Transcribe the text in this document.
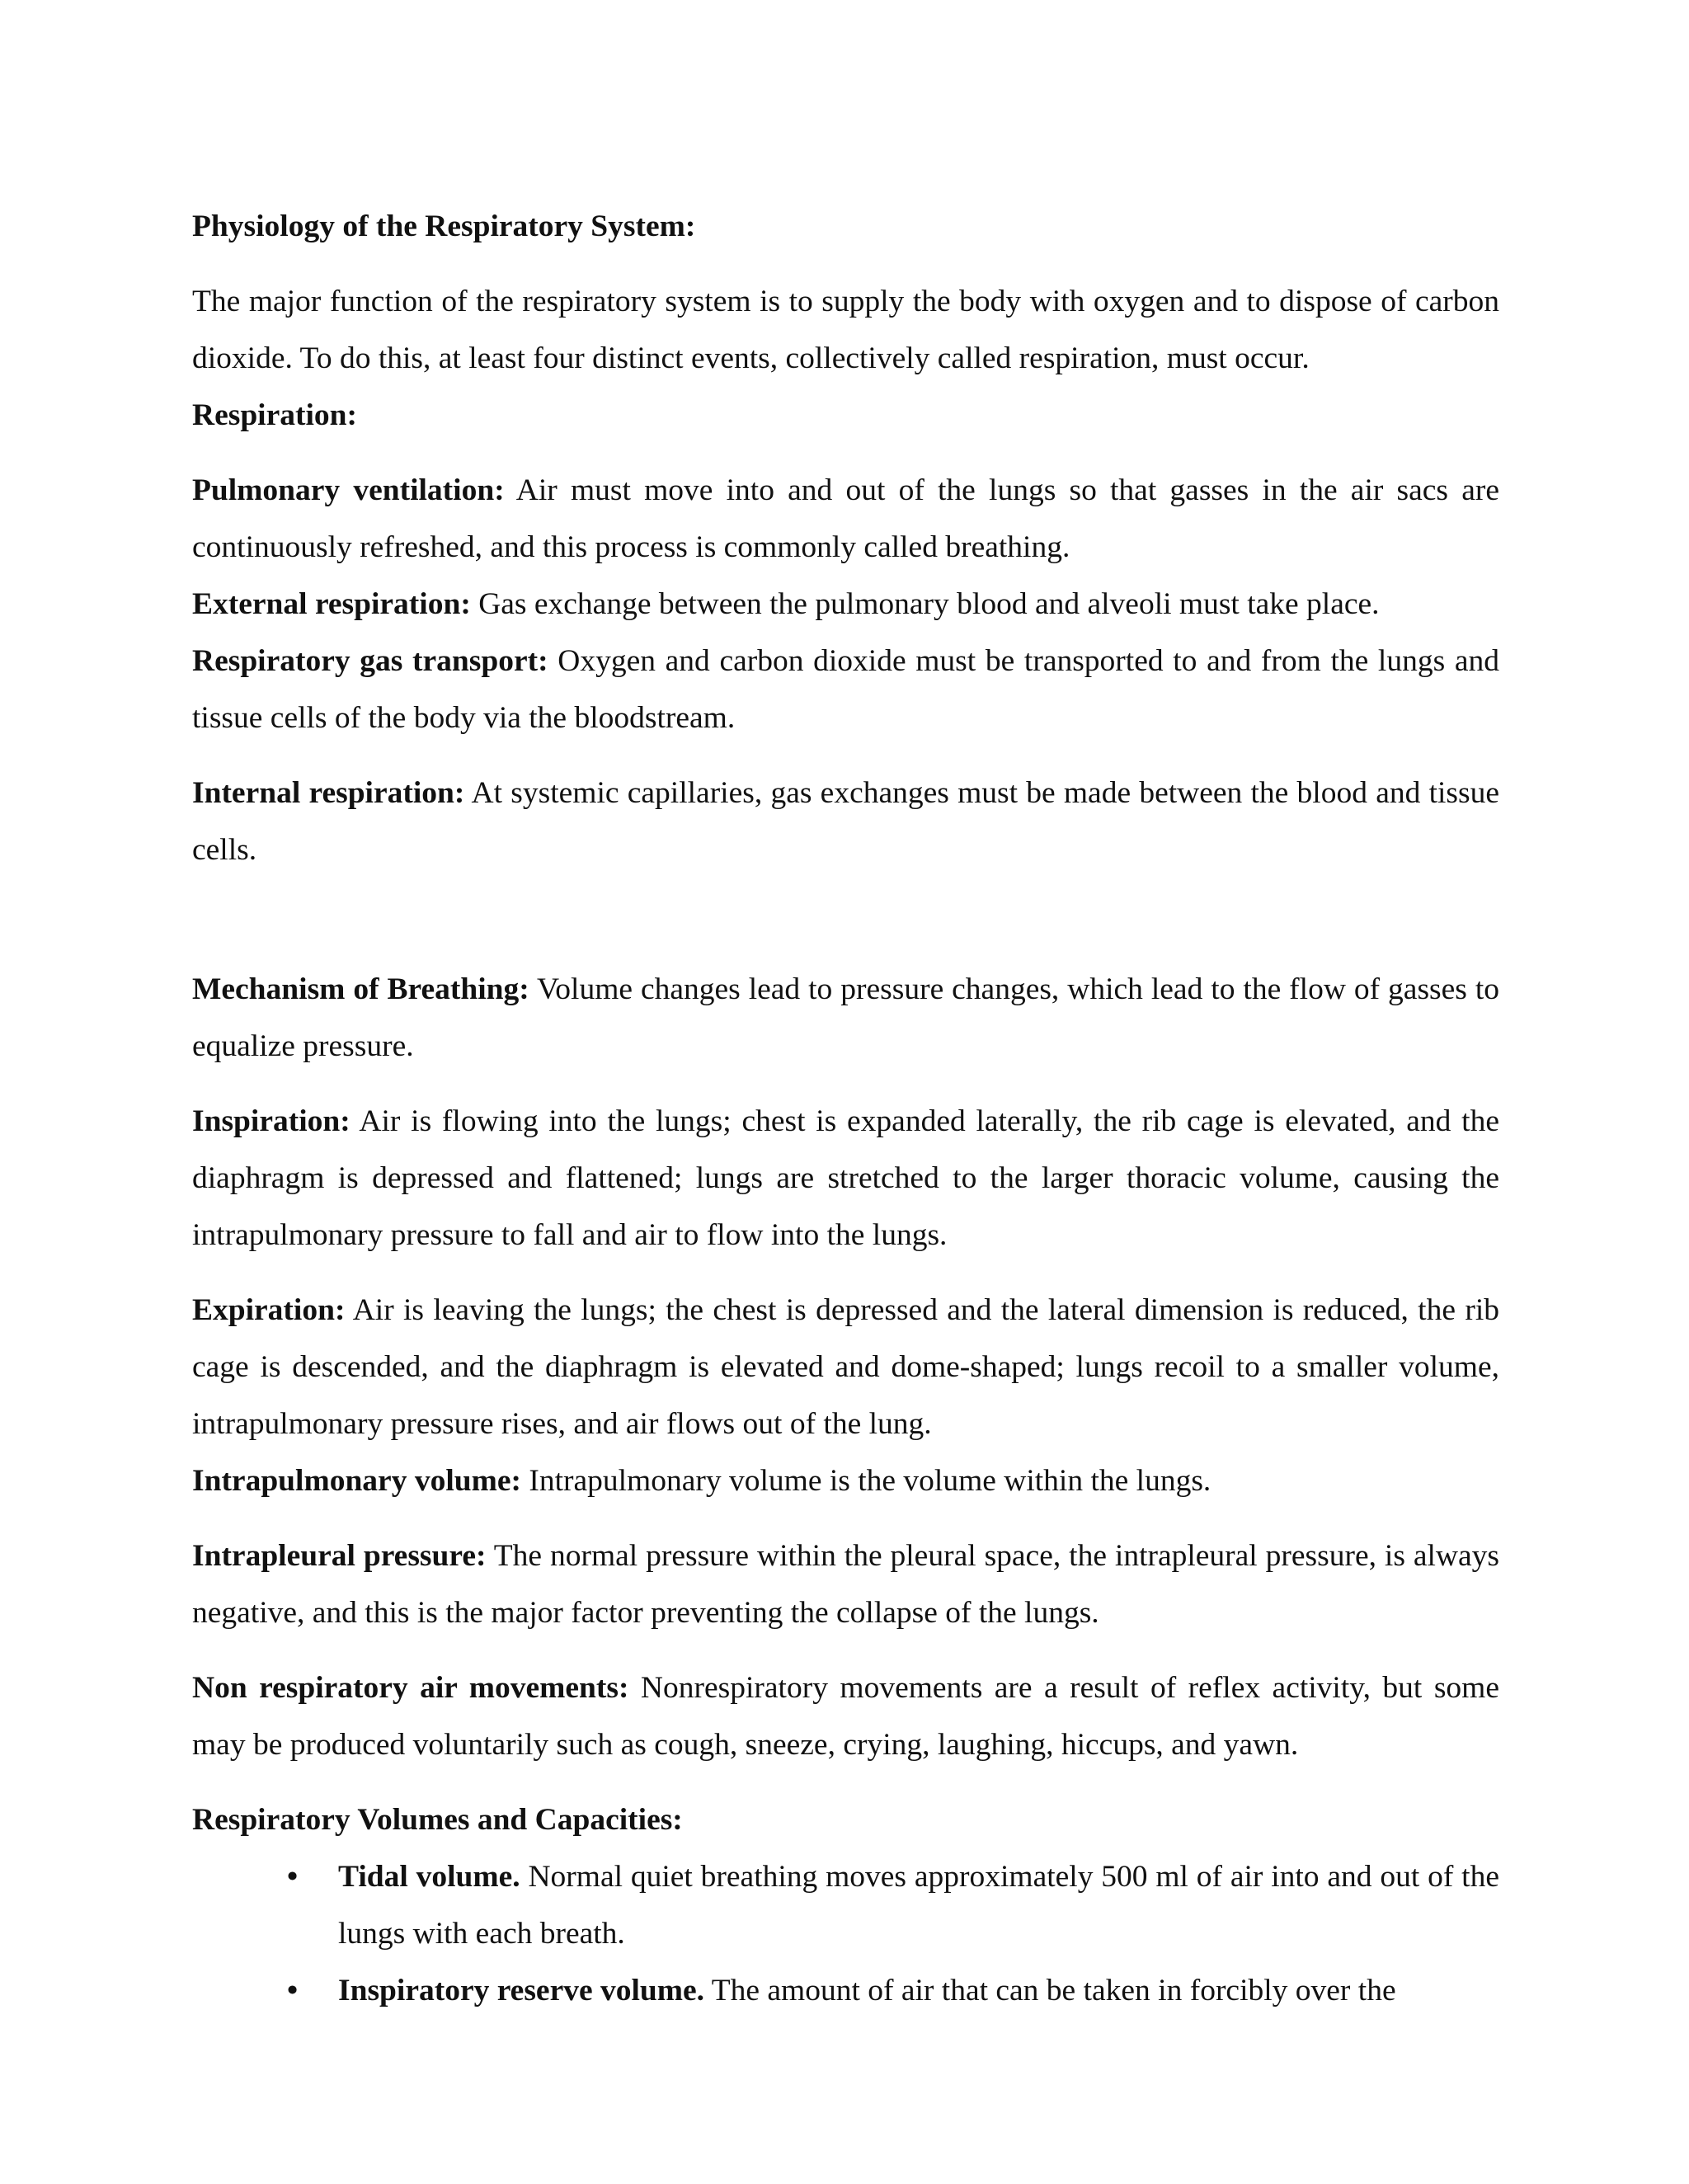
Physiology of the Respiratory System:

The major function of the respiratory system is to supply the body with oxygen and to dispose of carbon dioxide. To do this, at least four distinct events, collectively called respiration, must occur.

Respiration:

Pulmonary ventilation: Air must move into and out of the lungs so that gasses in the air sacs are continuously refreshed, and this process is commonly called breathing.

External respiration: Gas exchange between the pulmonary blood and alveoli must take place.

Respiratory gas transport: Oxygen and carbon dioxide must be transported to and from the lungs and tissue cells of the body via the bloodstream.

Internal respiration: At systemic capillaries, gas exchanges must be made between the blood and tissue cells.

Mechanism of Breathing: Volume changes lead to pressure changes, which lead to the flow of gasses to equalize pressure.

Inspiration: Air is flowing into the lungs; chest is expanded laterally, the rib cage is elevated, and the diaphragm is depressed and flattened; lungs are stretched to the larger thoracic volume, causing the intrapulmonary pressure to fall and air to flow into the lungs.

Expiration: Air is leaving the lungs; the chest is depressed and the lateral dimension is reduced, the rib cage is descended, and the diaphragm is elevated and dome-shaped; lungs recoil to a smaller volume, intrapulmonary pressure rises, and air flows out of the lung.

Intrapulmonary volume: Intrapulmonary volume is the volume within the lungs.

Intrapleural pressure: The normal pressure within the pleural space, the intrapleural pressure, is always negative, and this is the major factor preventing the collapse of the lungs.

Non respiratory air movements: Nonrespiratory movements are a result of reflex activity, but some may be produced voluntarily such as cough, sneeze, crying, laughing, hiccups, and yawn.

Respiratory Volumes and Capacities:

• Tidal volume. Normal quiet breathing moves approximately 500 ml of air into and out of the lungs with each breath.
• Inspiratory reserve volume. The amount of air that can be taken in forcibly over the
